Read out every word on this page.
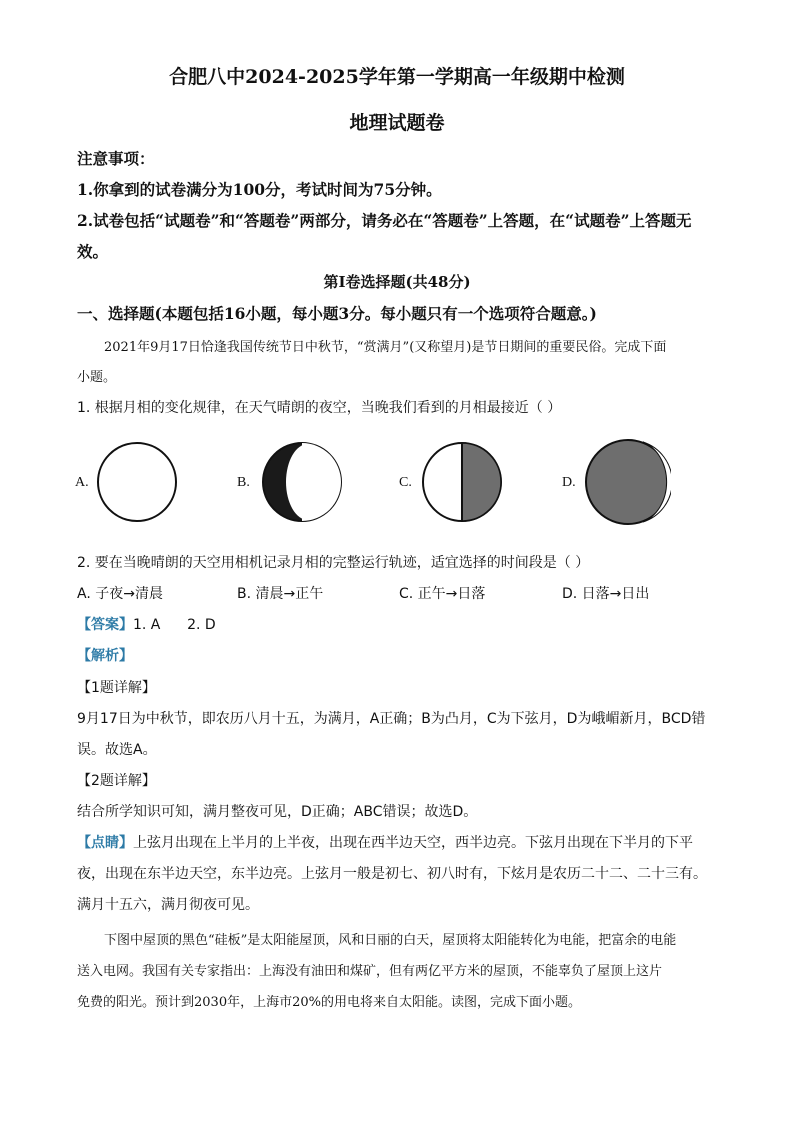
合肥八中2024-2025学年第一学期高一年级期中检测
地理试题卷
注意事项：
1.你拿到的试卷满分为100分，考试时间为75分钟。
2.试卷包括“试题卷”和“答题卷”两部分，请务必在“答题卷”上答题，在“试题卷”上答题无
效。
第Ⅰ卷选择题(共48分)
一、选择题(本题包括16小题，每小题3分。每小题只有一个选项符合题意。)
2021年9月17日恰逢我国传统节日中秋节，“赏满月”(又称望月)是节日期间的重要民俗。完成下面
小题。
1. 根据月相的变化规律，在天气晴朗的夜空，当晚我们看到的月相最接近（ ）
A.	B.	C.	D.
2. 要在当晚晴朗的天空用相机记录月相的完整运行轨迹，适宜选择的时间段是（ ）
A. 子夜→清晨	B. 清晨→正午	C. 正午→日落	D. 日落→日出
【答案】1. A      2. D
【解析】
【1题详解】
9月17日为中秋节，即农历八月十五，为满月，A正确；B为凸月，C为下弦月，D为峨嵋新月，BCD错
误。故选A。
【2题详解】
结合所学知识可知，满月整夜可见，D正确；ABC错误；故选D。
【点睛】上弦月出现在上半月的上半夜，出现在西半边天空，西半边亮。下弦月出现在下半月的下平
夜，出现在东半边天空，东半边亮。上弦月一般是初七、初八时有，下炫月是农历二十二、二十三有。
满月十五六，满月彻夜可见。
下图中屋顶的黑色“硅板”是太阳能屋顶，风和日丽的白天，屋顶将太阳能转化为电能，把富余的电能
送入电网。我国有关专家指出：上海没有油田和煤矿，但有两亿平方米的屋顶，不能辜负了屋顶上这片
免费的阳光。预计到2030年，上海市20%的用电将来自太阳能。读图，完成下面小题。
